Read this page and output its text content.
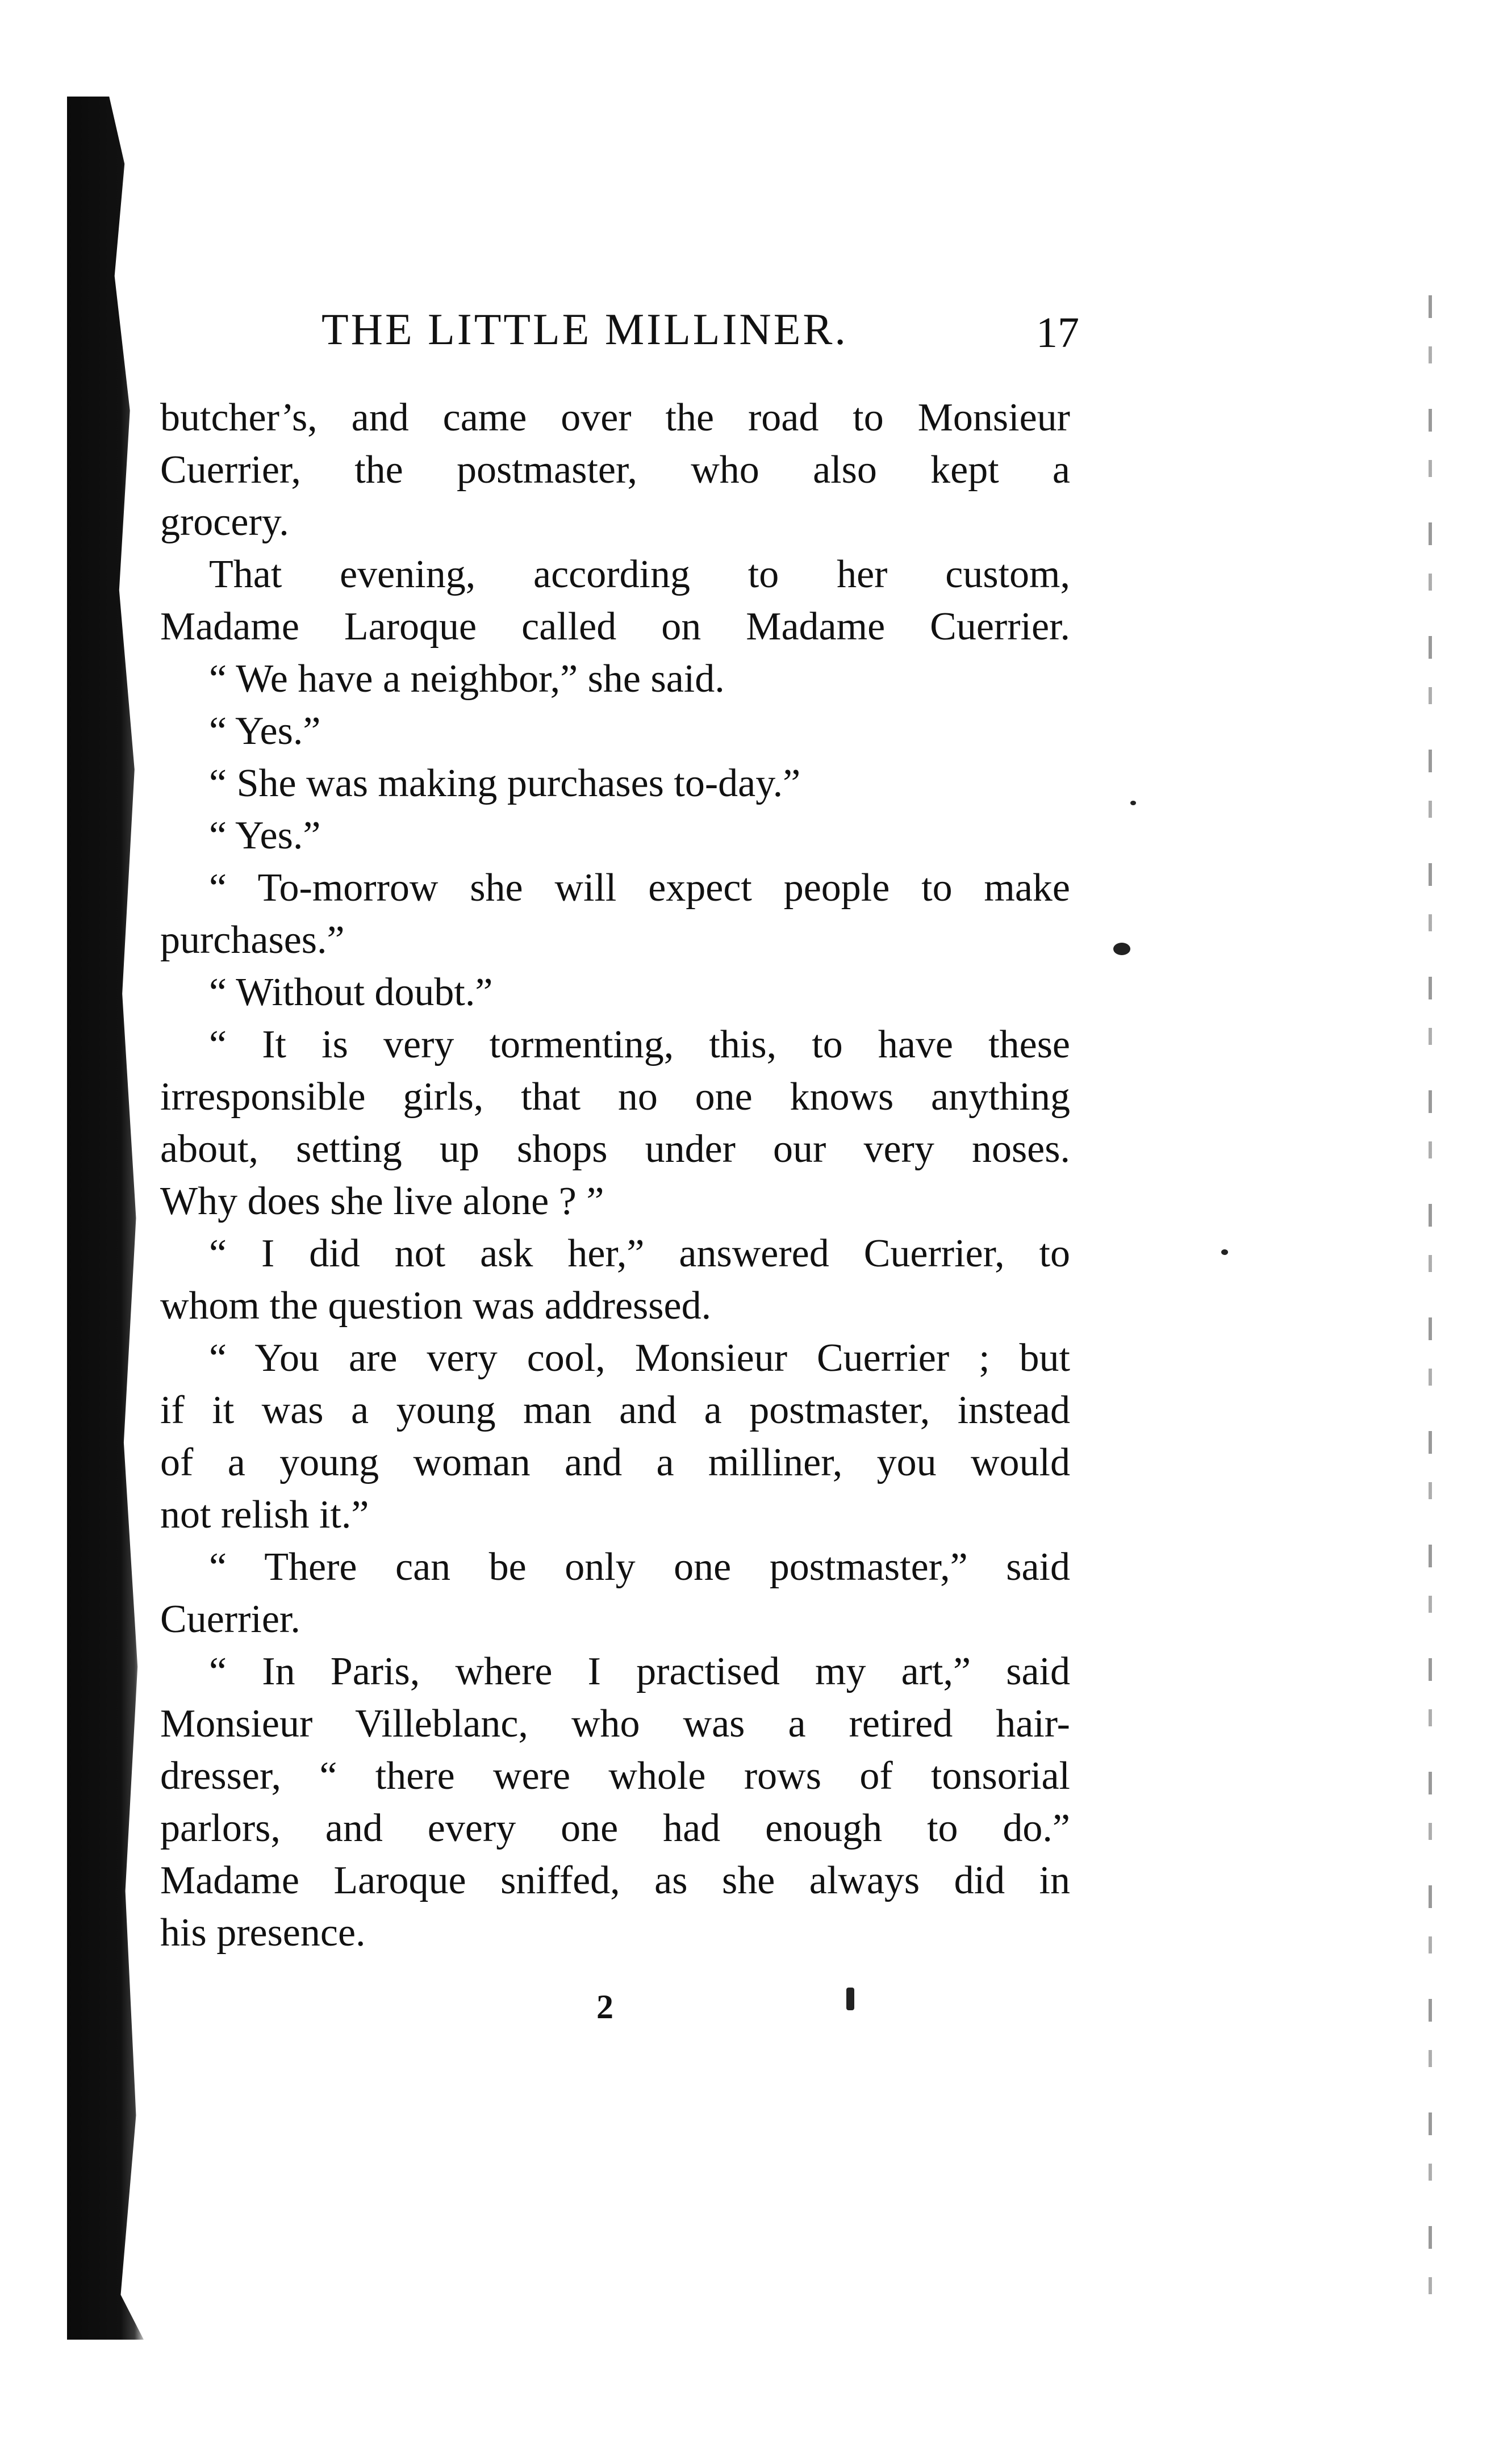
THE LITTLE MILLINER.	17
butcher’s, and came over the road to Monsieur
Cuerrier, the postmaster, who also kept a
grocery.
That evening, according to her custom,
Madame Laroque called on Madame Cuerrier.
“ We have a neighbor,” she said.
“ Yes.”
“ She was making purchases to-day.”
“ Yes.”
“ To-morrow she will expect people to make
purchases.”
“ Without doubt.”
“ It is very tormenting, this, to have these
irresponsible girls, that no one knows anything
about, setting up shops under our very noses.
Why does she live alone ? ”
“ I did not ask her,” answered Cuerrier, to
whom the question was addressed.
“ You are very cool, Monsieur Cuerrier ; but
if it was a young man and a postmaster, instead
of a young woman and a milliner, you would
not relish it.”
“ There can be only one postmaster,” said
Cuerrier.
“ In Paris, where I practised my art,” said
Monsieur Villeblanc, who was a retired hair-
dresser, “ there were whole rows of tonsorial
parlors, and every one had enough to do.”
Madame Laroque sniffed, as she always did in
his presence.
2
